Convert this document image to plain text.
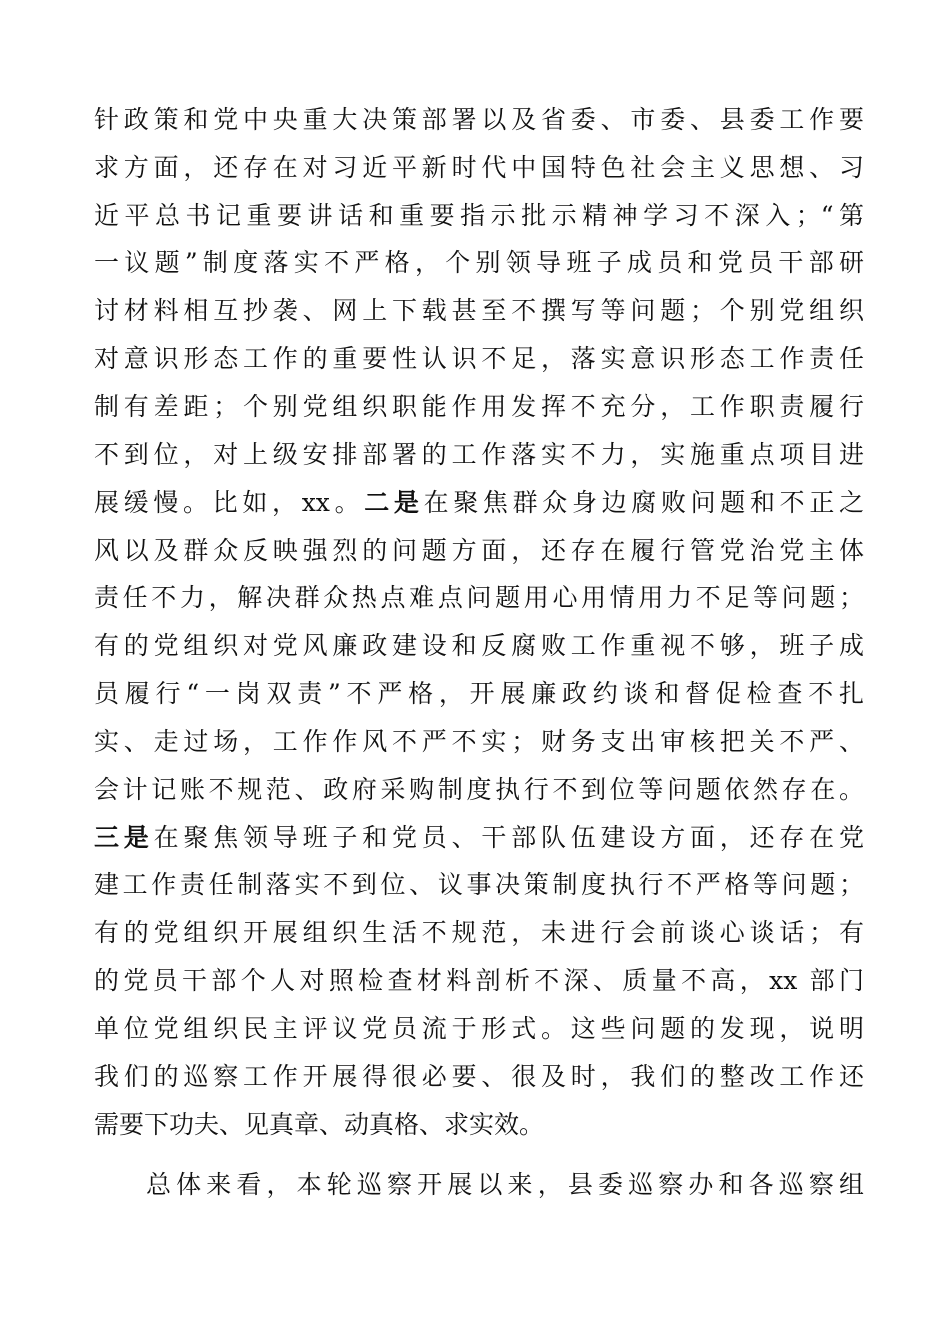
针政策和党中央重大决策部署以及省委、市委、县委工作要
求方面，还存在对习近平新时代中国特色社会主义思想、习
近平总书记重要讲话和重要指示批示精神学习不深入；“第
一议题”制度落实不严格，个别领导班子成员和党员干部研
讨材料相互抄袭、网上下载甚至不撰写等问题；个别党组织
对意识形态工作的重要性认识不足，落实意识形态工作责任
制有差距；个别党组织职能作用发挥不充分，工作职责履行
不到位，对上级安排部署的工作落实不力，实施重点项目进
展缓慢。比如，xx。二是在聚焦群众身边腐败问题和不正之
风以及群众反映强烈的问题方面，还存在履行管党治党主体
责任不力，解决群众热点难点问题用心用情用力不足等问题；
有的党组织对党风廉政建设和反腐败工作重视不够，班子成
员履行“一岗双责”不严格，开展廉政约谈和督促检查不扎
实、走过场，工作作风不严不实；财务支出审核把关不严、
会计记账不规范、政府采购制度执行不到位等问题依然存在。
三是在聚焦领导班子和党员、干部队伍建设方面，还存在党
建工作责任制落实不到位、议事决策制度执行不严格等问题；
有的党组织开展组织生活不规范，未进行会前谈心谈话；有
的党员干部个人对照检查材料剖析不深、质量不高，xx 部门
单位党组织民主评议党员流于形式。这些问题的发现，说明
我们的巡察工作开展得很必要、很及时，我们的整改工作还
需要下功夫、见真章、动真格、求实效。
总体来看，本轮巡察开展以来，县委巡察办和各巡察组
